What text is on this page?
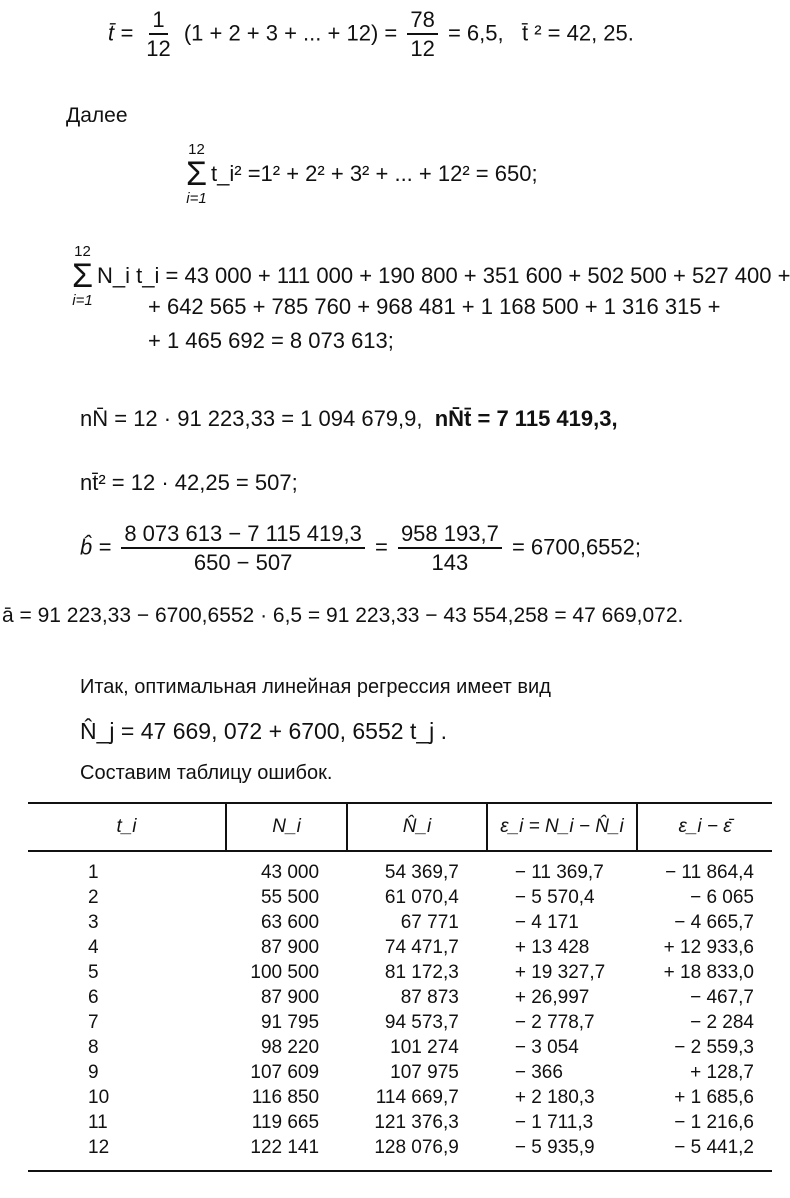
t̄ = $\frac{1}{12} (1 + 2 + 3$ + ... + $12) = \frac{78}{12} = 6,5$, t̄ ² = 42, 25.
Далее
12
Σ
i=1
t_i² =1² + 2² + 3² + ... + 12² = 650;
12
Σ
i=1
N_i t_i = 43 000 + 111 000 + 190 800 + 351 600 + 502 500 + 527 400 +
+ 642 565 + 785 760 + 968 481 + 1 168 500 + 1 316 315 +
+ 1 465 692 = 8 073 613;
nN̄ = 12 · 91 223,33 = 1 094 679,9, nN̄t̄ = 7 115 419,3,
nt̄² = 12 · 42,25 = 507;
b̂ = $\frac{8 073 613 - 7 115 419,3}{650 - 507} = \frac{958 193,7}{143} = 6700,6552$;
ā = 91 223,33 − 6700,6552 · 6,5 = 91 223,33 − 43 554,258 = 47 669,072.
Итак, оптимальная линейная регрессия имеет вид
N̂_j = 47 669, 072 + 6700, 6552 t_j .
Составим таблицу ошибок.
t_i	N_i	N̂_i	ε_i = N_i − N̂_i	ε_i − ε̄
1	43 000	54 369,7	− 11 369,7	− 11 864,4
2	55 500	61 070,4	− 5 570,4	− 6 065
3	63 600	67 771	− 4 171	− 4 665,7
4	87 900	74 471,7	+ 13 428	+ 12 933,6
5	100 500	81 172,3	+ 19 327,7	+ 18 833,0
6	87 900	87 873	+ 26,997	− 467,7
7	91 795	94 573,7	− 2 778,7	− 2 284
8	98 220	101 274	− 3 054	− 2 559,3
9	107 609	107 975	− 366	+ 128,7
10	116 850	114 669,7	+ 2 180,3	+ 1 685,6
11	119 665	121 376,3	− 1 711,3	− 1 216,6
12	122 141	128 076,9	− 5 935,9	− 5 441,2
